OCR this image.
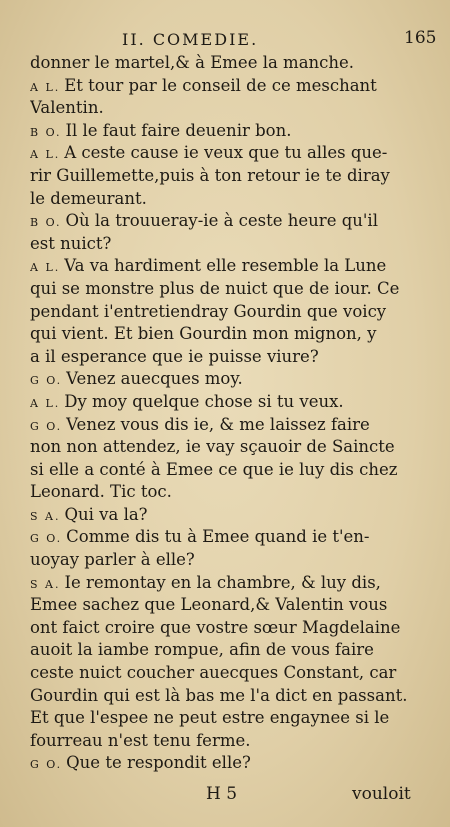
II. COMEDIE.	165
donner le martel,& à Emee la manche.
A L. Et tour par le conseil de ce meschant
Valentin.
B O. Il le faut faire deuenir bon.
A L. A ceste cause ie veux que tu alles que-
rir Guillemette,puis à ton retour ie te diray
le demeurant.
B O. Où la trouueray-ie à ceste heure qu'il
est nuict?
A L. Va va hardiment elle resemble la Lune
qui se monstre plus de nuict que de iour. Ce
pendant i'entretiendray Gourdin que voicy
qui vient. Et bien Gourdin mon mignon, y
a il esperance que ie puisse viure?
G O. Venez auecques moy.
A L. Dy moy quelque chose si tu veux.
G O. Venez vous dis ie, & me laissez faire
non non attendez, ie vay sçauoir de Saincte
si elle a conté à Emee ce que ie luy dis chez
Leonard. Tic toc.
S A. Qui va la?
G O. Comme dis tu à Emee quand ie t'en-
uoyay parler à elle?
S A. Ie remontay en la chambre, & luy dis,
Emee sachez que Leonard,& Valentin vous
ont faict croire que vostre sœur Magdelaine
auoit la iambe rompue, afin de vous faire
ceste nuict coucher auecques Constant, car
Gourdin qui est là bas me l'a dict en passant.
Et que l'espee ne peut estre engaynee si le
fourreau n'est tenu ferme.
G O. Que te respondit elle?
H 5	vouloit
